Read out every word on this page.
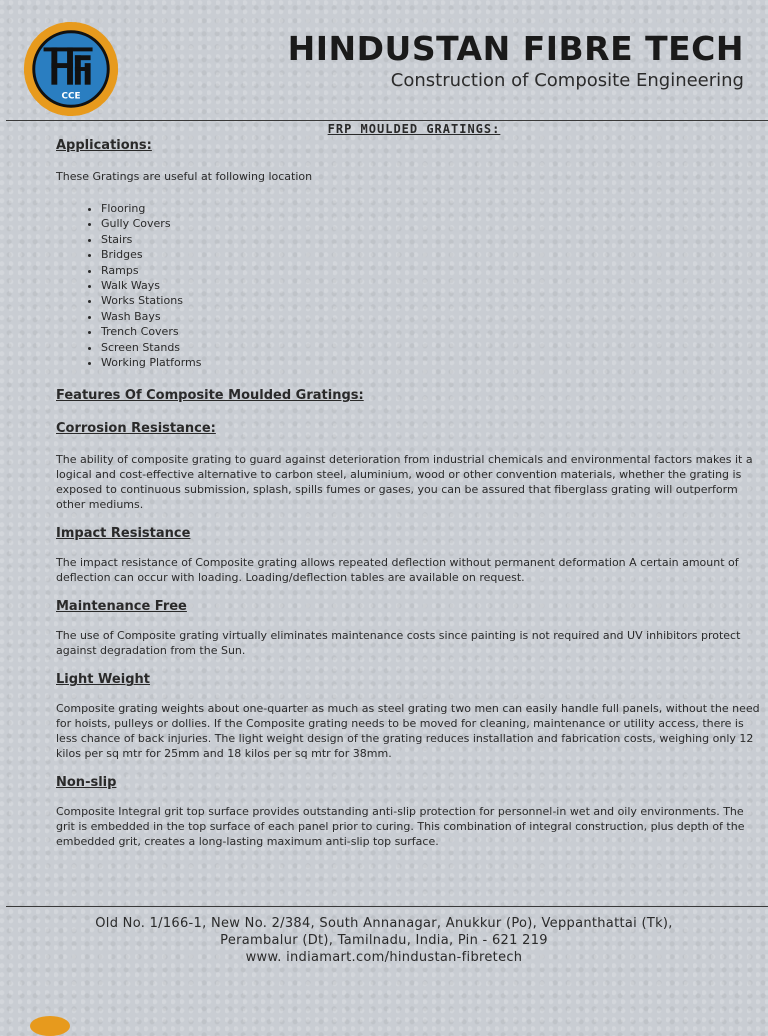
CCE
HINDUSTAN FIBRE TECH
Construction of Composite Engineering
FRP MOULDED GRATINGS:

Applications:

These Gratings are useful at following location

• Flooring
• Gully Covers
• Stairs
• Bridges
• Ramps
• Walk Ways
• Works Stations
• Wash Bays
• Trench Covers
• Screen Stands
• Working Platforms

Features Of Composite Moulded Gratings:

Corrosion Resistance:

The ability of composite grating to guard against deterioration from industrial chemicals and environmental factors makes it a logical and cost-effective alternative to carbon steel, aluminium, wood or other convention materials, whether the grating is exposed to continuous submission, splash, spills fumes or gases, you can be assured that fiberglass grating will outperform other mediums.

Impact Resistance

The impact resistance of Composite grating allows repeated deflection without permanent deformation A certain amount of deflection can occur with loading. Loading/deflection tables are available on request.

Maintenance Free

The use of Composite grating virtually eliminates maintenance costs since painting is not required and UV inhibitors protect against degradation from the Sun.

Light Weight

Composite grating weights about one-quarter as much as steel grating two men can easily handle full panels, without the need for hoists, pulleys or dollies. If the Composite grating needs to be moved for cleaning, maintenance or utility access, there is less chance of back injuries. The light weight design of the grating reduces installation and fabrication costs, weighing only 12 kilos per sq mtr for 25mm and 18 kilos per sq mtr for 38mm.

Non-slip

Composite Integral grit top surface provides outstanding anti-slip protection for personnel-in wet and oily environments. The grit is embedded in the top surface of each panel prior to curing. This combination of integral construction, plus depth of the embedded grit, creates a long-lasting maximum anti-slip top surface.

Old No. 1/166-1, New No. 2/384, South Annanagar, Anukkur (Po), Veppanthattai (Tk),
Perambalur (Dt), Tamilnadu, India, Pin - 621 219
www. indiamart.com/hindustan-fibretech
